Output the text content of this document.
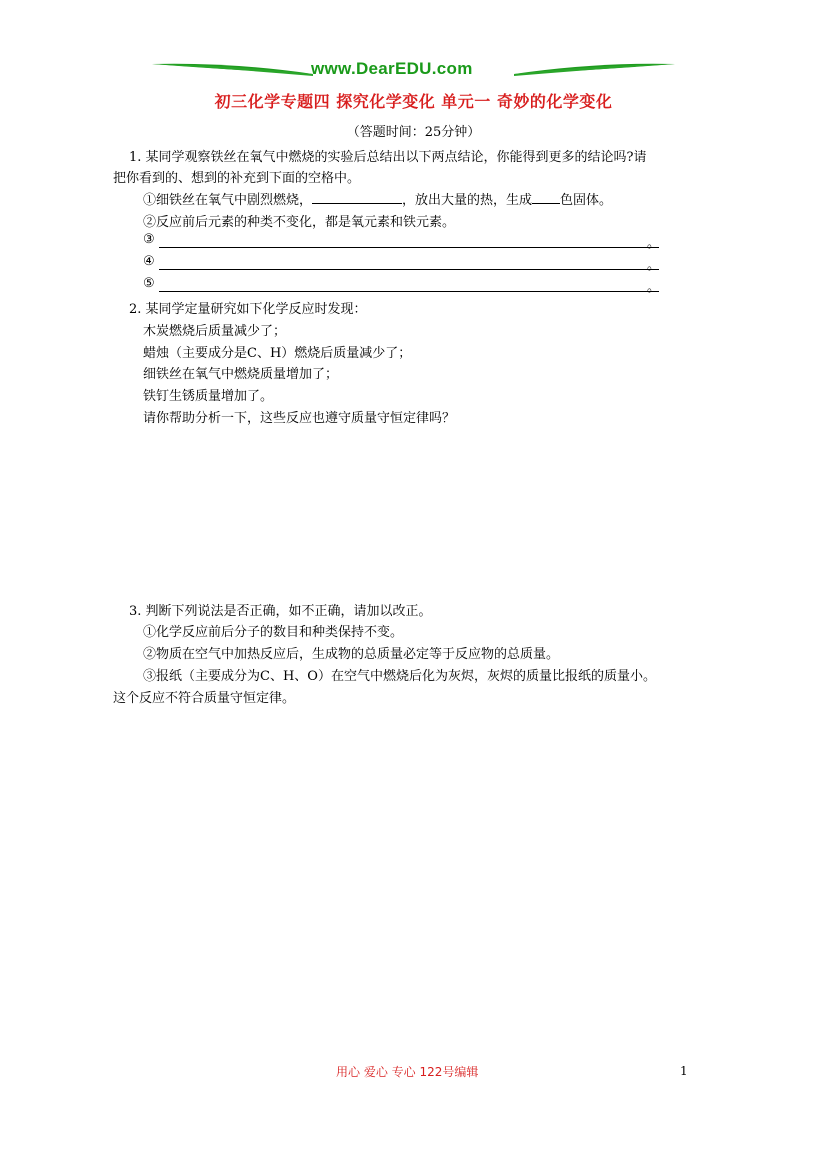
www.DearEDU.com
初三化学专题四 探究化学变化 单元一 奇妙的化学变化
（答题时间：25分钟）
1. 某同学观察铁丝在氧气中燃烧的实验后总结出以下两点结论，你能得到更多的结论吗?请
把你看到的、想到的补充到下面的空格中。
①细铁丝在氧气中剧烈燃烧，	，放出大量的热，生成 色固体。
②反应前后元素的种类不变化，都是氧元素和铁元素。
③	。
④	。
⑤	。
2. 某同学定量研究如下化学反应时发现：
木炭燃烧后质量减少了；
蜡烛（主要成分是C、H）燃烧后质量减少了；
细铁丝在氧气中燃烧质量增加了；
铁钉生锈质量增加了。
请你帮助分析一下，这些反应也遵守质量守恒定律吗？
3. 判断下列说法是否正确，如不正确，请加以改正。
①化学反应前后分子的数目和种类保持不变。
②物质在空气中加热反应后，生成物的总质量必定等于反应物的总质量。
③报纸（主要成分为C、H、O）在空气中燃烧后化为灰烬，灰烬的质量比报纸的质量小。
这个反应不符合质量守恒定律。
用心 爱心 专心 122号编辑	1
